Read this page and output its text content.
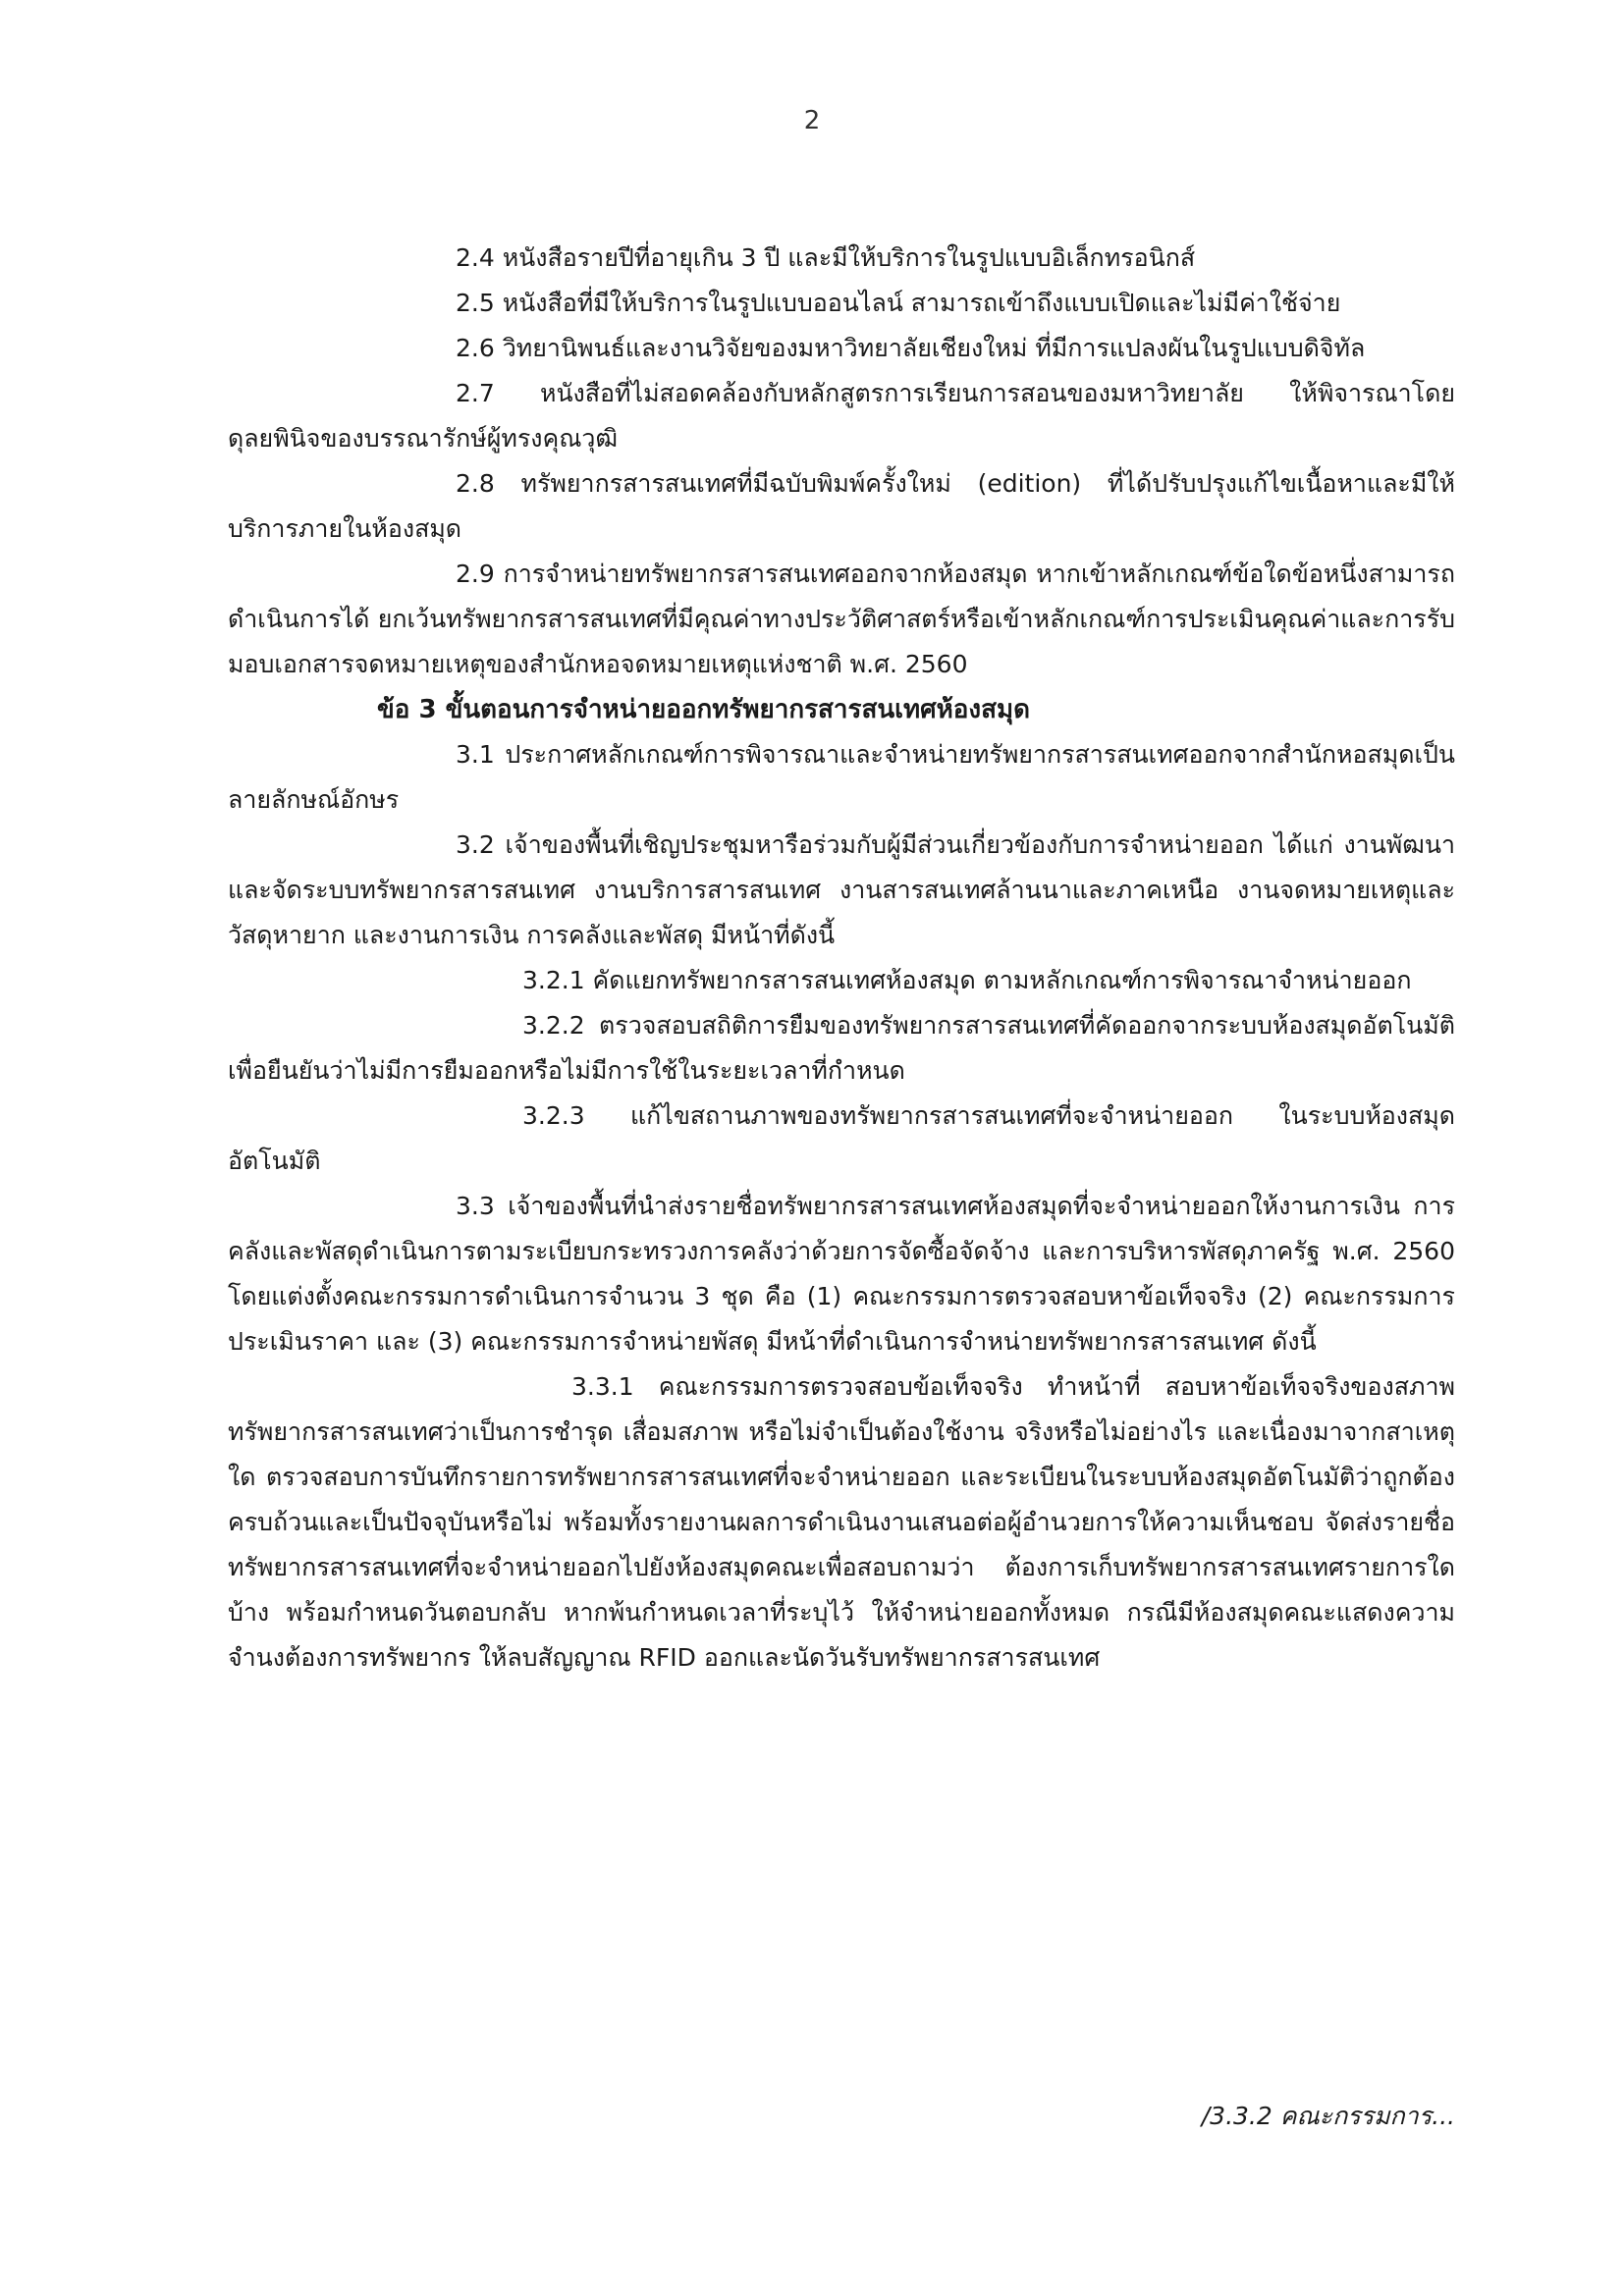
2

2.4 หนังสือรายปีที่อายุเกิน 3 ปี และมีให้บริการในรูปแบบอิเล็กทรอนิกส์

2.5 หนังสือที่มีให้บริการในรูปแบบออนไลน์ สามารถเข้าถึงแบบเปิดและไม่มีค่าใช้จ่าย

2.6 วิทยานิพนธ์และงานวิจัยของมหาวิทยาลัยเชียงใหม่ ที่มีการแปลงผันในรูปแบบดิจิทัล

2.7 หนังสือที่ไม่สอดคล้องกับหลักสูตรการเรียนการสอนของมหาวิทยาลัย ให้พิจารณาโดยดุลยพินิจของบรรณารักษ์ผู้ทรงคุณวุฒิ

2.8 ทรัพยากรสารสนเทศที่มีฉบับพิมพ์ครั้งใหม่ (edition) ที่ได้ปรับปรุงแก้ไขเนื้อหาและมีให้บริการภายในห้องสมุด

2.9 การจำหน่ายทรัพยากรสารสนเทศออกจากห้องสมุด หากเข้าหลักเกณฑ์ข้อใดข้อหนึ่งสามารถดำเนินการได้ ยกเว้นทรัพยากรสารสนเทศที่มีคุณค่าทางประวัติศาสตร์หรือเข้าหลักเกณฑ์การประเมินคุณค่าและการรับมอบเอกสารจดหมายเหตุของสำนักหอจดหมายเหตุแห่งชาติ พ.ศ. 2560

ข้อ 3 ขั้นตอนการจำหน่ายออกทรัพยากรสารสนเทศห้องสมุด

3.1 ประกาศหลักเกณฑ์การพิจารณาและจำหน่ายทรัพยากรสารสนเทศออกจากสำนักหอสมุดเป็นลายลักษณ์อักษร

3.2 เจ้าของพื้นที่เชิญประชุมหารือร่วมกับผู้มีส่วนเกี่ยวข้องกับการจำหน่ายออก ได้แก่ งานพัฒนาและจัดระบบทรัพยากรสารสนเทศ งานบริการสารสนเทศ งานสารสนเทศล้านนาและภาคเหนือ งานจดหมายเหตุและวัสดุหายาก และงานการเงิน การคลังและพัสดุ มีหน้าที่ดังนี้

3.2.1 คัดแยกทรัพยากรสารสนเทศห้องสมุด ตามหลักเกณฑ์การพิจารณาจำหน่ายออก

3.2.2 ตรวจสอบสถิติการยืมของทรัพยากรสารสนเทศที่คัดออกจากระบบห้องสมุดอัตโนมัติ เพื่อยืนยันว่าไม่มีการยืมออกหรือไม่มีการใช้ในระยะเวลาที่กำหนด

3.2.3 แก้ไขสถานภาพของทรัพยากรสารสนเทศที่จะจำหน่ายออก ในระบบห้องสมุดอัตโนมัติ

3.3 เจ้าของพื้นที่นำส่งรายชื่อทรัพยากรสารสนเทศห้องสมุดที่จะจำหน่ายออกให้งานการเงิน การคลังและพัสดุดำเนินการตามระเบียบกระทรวงการคลังว่าด้วยการจัดซื้อจัดจ้าง และการบริหารพัสดุภาครัฐ พ.ศ. 2560 โดยแต่งตั้งคณะกรรมการดำเนินการจำนวน 3 ชุด คือ (1) คณะกรรมการตรวจสอบหาข้อเท็จจริง (2) คณะกรรมการประเมินราคา และ (3) คณะกรรมการจำหน่ายพัสดุ มีหน้าที่ดำเนินการจำหน่ายทรัพยากรสารสนเทศ ดังนี้

3.3.1 คณะกรรมการตรวจสอบข้อเท็จจริง ทำหน้าที่ สอบหาข้อเท็จจริงของสภาพทรัพยากรสารสนเทศว่าเป็นการชำรุด เสื่อมสภาพ หรือไม่จำเป็นต้องใช้งาน จริงหรือไม่อย่างไร และเนื่องมาจากสาเหตุใด ตรวจสอบการบันทึกรายการทรัพยากรสารสนเทศที่จะจำหน่ายออก และระเบียนในระบบห้องสมุดอัตโนมัติว่าถูกต้องครบถ้วนและเป็นปัจจุบันหรือไม่ พร้อมทั้งรายงานผลการดำเนินงานเสนอต่อผู้อำนวยการให้ความเห็นชอบ จัดส่งรายชื่อทรัพยากรสารสนเทศที่จะจำหน่ายออกไปยังห้องสมุดคณะเพื่อสอบถามว่า ต้องการเก็บทรัพยากรสารสนเทศรายการใดบ้าง พร้อมกำหนดวันตอบกลับ หากพ้นกำหนดเวลาที่ระบุไว้ ให้จำหน่ายออกทั้งหมด กรณีมีห้องสมุดคณะแสดงความจำนงต้องการทรัพยากร ให้ลบสัญญาณ RFID ออกและนัดวันรับทรัพยากรสารสนเทศ

/3.3.2 คณะกรรมการ...
